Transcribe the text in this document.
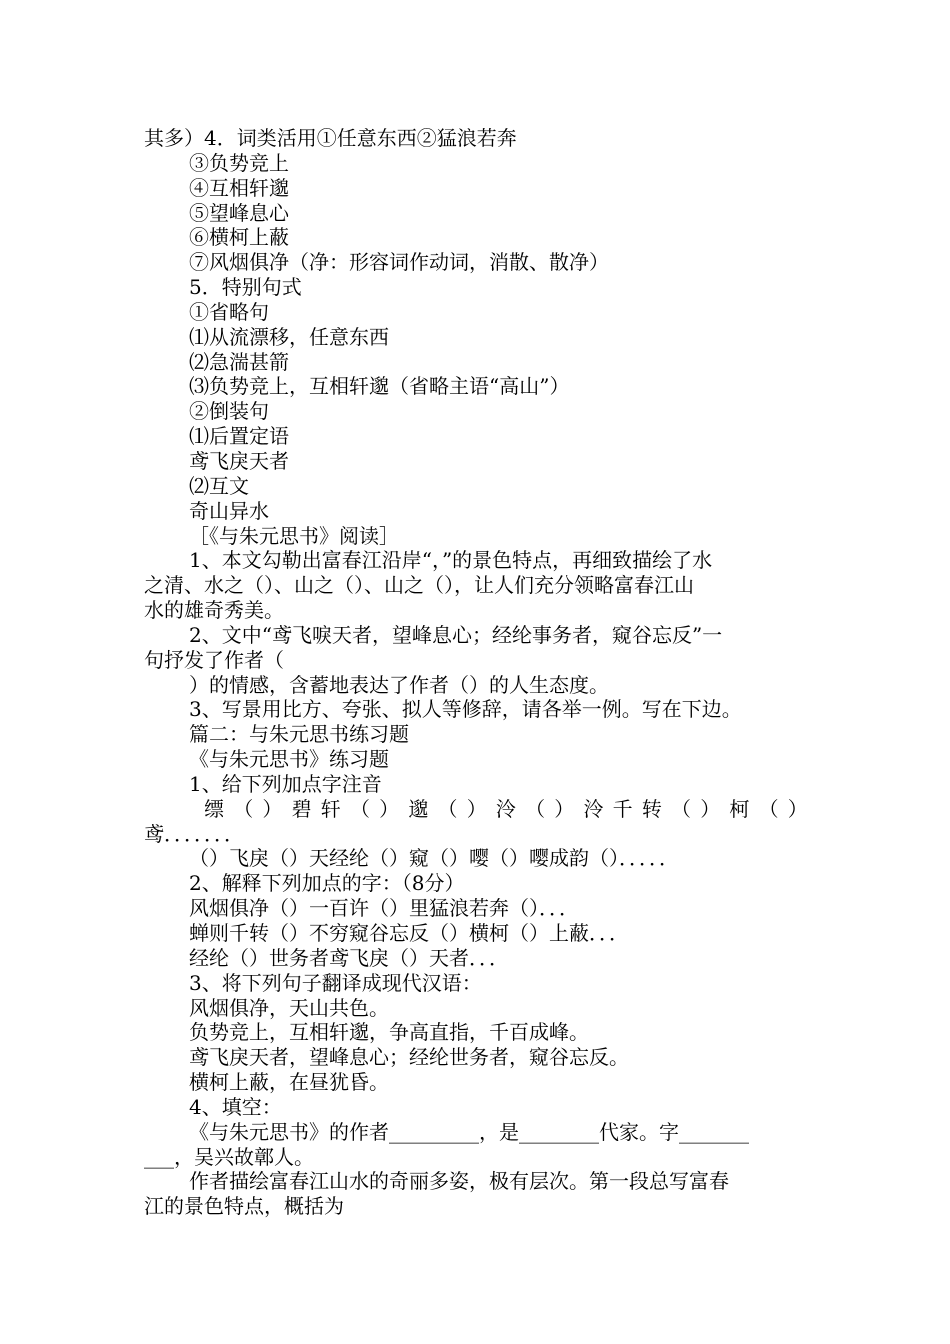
其多）4．词类活用①任意东西②猛浪若奔
③负势竞上
④互相轩邈
⑤望峰息心
⑥横柯上蔽
⑦风烟俱净（净：形容词作动词，消散、散净）
5．特别句式
①省略句
⑴从流漂移，任意东西
⑵急湍甚箭
⑶负势竞上，互相轩邈（省略主语“高山”）
②倒装句
⑴后置定语
鸢飞戾天者
⑵互文
奇山异水
［《与朱元思书》阅读］
1、本文勾勒出富春江沿岸“，”的景色特点，再细致描绘了水
之清、水之（）、山之（）、山之（），让人们充分领略富春江山
水的雄奇秀美。
2、文中“鸢飞唳天者，望峰息心；经纶事务者，窥谷忘反”一
句抒发了作者（
）的情感，含蓄地表达了作者（）的人生态度。
3、写景用比方、夸张、拟人等修辞，请各举一例。写在下边。
篇二：与朱元思书练习题
《与朱元思书》练习题
1、给下列加点字注音
缥 （ ） 碧 轩 （ ） 邈 （ ） 泠 （ ） 泠 千 转 （ ） 柯 （ ）
鸢．．．．．．．
（）飞戾（）天经纶（）窥（）嘤（）嘤成韵（）．．．．．
2、解释下列加点的字：（8分）
风烟俱净（）一百许（）里猛浪若奔（）．．．
蝉则千转（）不穷窥谷忘反（）横柯（）上蔽．．．
经纶（）世务者鸢飞戾（）天者．．．
3、将下列句子翻译成现代汉语：
风烟俱净，天山共色。
负势竞上，互相轩邈，争高直指，千百成峰。
鸢飞戾天者，望峰息心；经纶世务者，窥谷忘反。
横柯上蔽，在昼犹昏。
4、填空：
《与朱元思书》的作者_________，是________代家。字_______
___，吴兴故鄣人。
作者描绘富春江山水的奇丽多姿，极有层次。第一段总写富春
江的景色特点，概括为
